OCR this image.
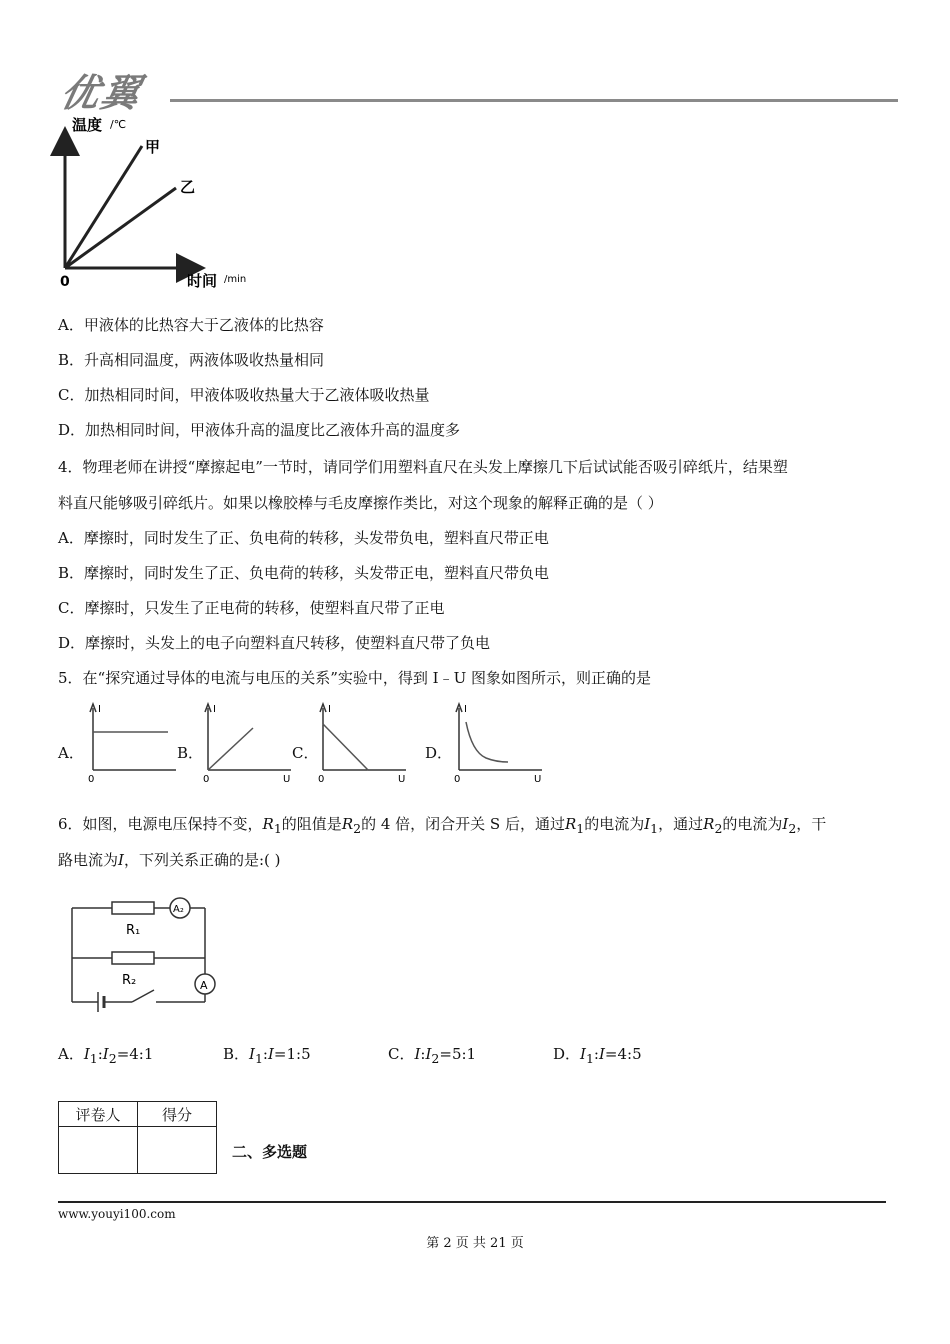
优翼
温度 /℃
甲
乙
0	时间 /min
A．甲液体的比热容大于乙液体的比热容
B．升高相同温度，两液体吸收热量相同
C．加热相同时间，甲液体吸收热量大于乙液体吸收热量
D．加热相同时间，甲液体升高的温度比乙液体升高的温度多
4．物理老师在讲授“摩擦起电”一节时，请同学们用塑料直尺在头发上摩擦几下后试试能否吸引碎纸片，结果塑
料直尺能够吸引碎纸片。如果以橡胶棒与毛皮摩擦作类比，对这个现象的解释正确的是（ ）
A．摩擦时，同时发生了正、负电荷的转移，头发带负电，塑料直尺带正电
B．摩擦时，同时发生了正、负电荷的转移，头发带正电，塑料直尺带负电
C．摩擦时，只发生了正电荷的转移，使塑料直尺带了正电
D．摩擦时，头发上的电子向塑料直尺转移，使塑料直尺带了负电
5．在“探究通过导体的电流与电压的关系”实验中，得到 I﹣U 图象如图所示，则正确的是
A．
I
0
B．
I
0	U
C．
I
0	U
D．
I
0	U
6．如图，电源电压保持不变，$R_1$的阻值是$R_2$的 4 倍，闭合开关 S 后，通过$R_1$的电流为$I_1$，通过$R_2$的电流为$I_2$，干
路电流为I，下列关系正确的是:( )
R₁
R₂
A₂
A
A．$I_1:I_2=4:1$	B．$I_1:I=1:5$	C．$I:I_2=5:1$	D．$I_1:I=4:5$
评卷人	得分

二、多选题
www.youyi100.com
第 2 页 共 21 页
